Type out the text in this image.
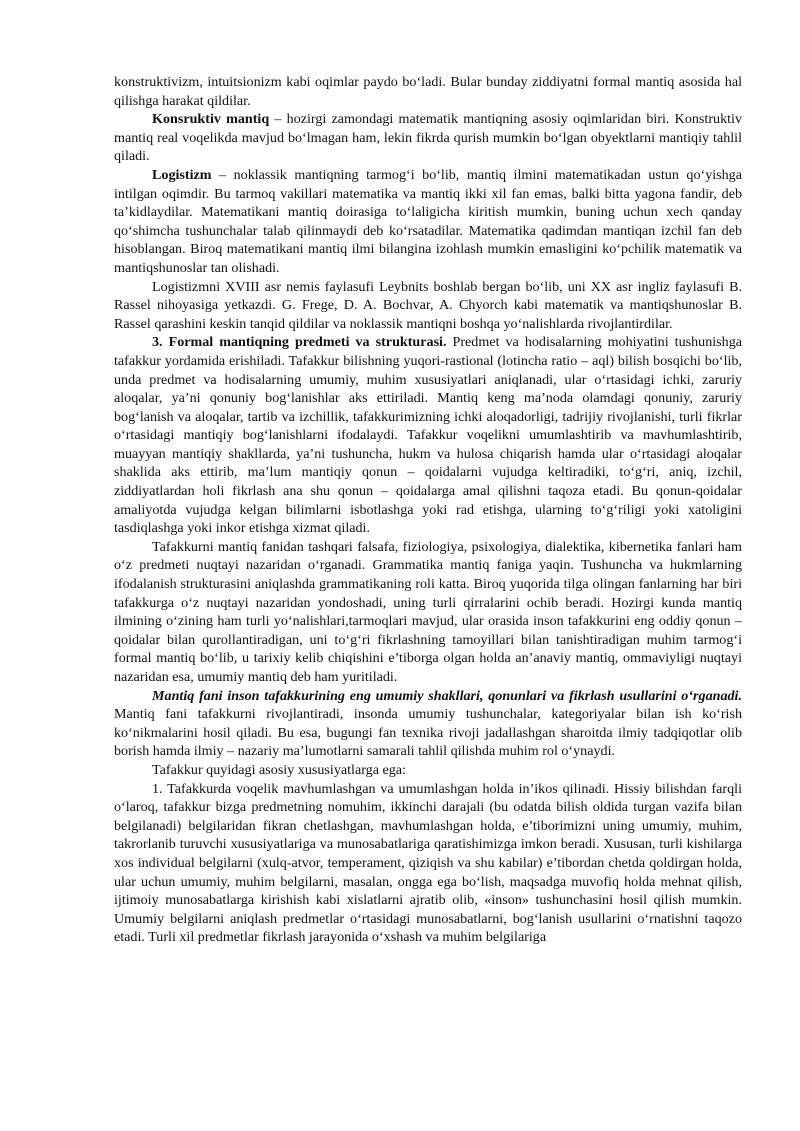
konstruktivizm, intuitsionizm kabi oqimlar paydo bo‘ladi. Bular bunday ziddiyatni formal mantiq asosida hal qilishga harakat qildilar.

Konsruktiv mantiq – hozirgi zamondagi matematik mantiqning asosiy oqimlaridan biri. Konstruktiv mantiq real voqelikda mavjud bo‘lmagan ham, lekin fikrda qurish mumkin bo‘lgan obyektlarni mantiqiy tahlil qiladi.

Logistizm – noklassik mantiqning tarmog‘i bo‘lib, mantiq ilmini matematikadan ustun qo‘yishga intilgan oqimdir. Bu tarmoq vakillari matematika va mantiq ikki xil fan emas, balki bitta yagona fandir, deb ta’kidlaydilar. Matematikani mantiq doirasiga to‘laligicha kiritish mumkin, buning uchun xech qanday qo‘shimcha tushunchalar talab qilinmaydi deb ko‘rsatadilar. Matematika qadimdan mantiqan izchil fan deb hisoblangan. Biroq matematikani mantiq ilmi bilangina izohlash mumkin emasligini ko‘pchilik matematik va mantiqshunoslar tan olishadi.

Logistizmni XVIII asr nemis faylasufi Leybnits boshlab bergan bo‘lib, uni XX asr ingliz faylasufi B. Rassel nihoyasiga yetkazdi. G. Frege, D. A. Bochvar, A. Chyorch kabi matematik va mantiqshunoslar B. Rassel qarashini keskin tanqid qildilar va noklassik mantiqni boshqa yo‘nalishlarda rivojlantirdilar.

3. Formal mantiqning predmeti va strukturasi. Predmet va hodisalarning mohiyatini tushunishga tafakkur yordamida erishiladi. Tafakkur bilishning yuqori-rastional (lotincha ratio – aql) bilish bosqichi bo‘lib, unda predmet va hodisalarning umumiy, muhim xususiyatlari aniqlanadi, ular o‘rtasidagi ichki, zaruriy aloqalar, ya’ni qonuniy bog‘lanishlar aks ettiriladi. Mantiq keng ma’noda olamdagi qonuniy, zaruriy bog‘lanish va aloqalar, tartib va izchillik, tafakkurimizning ichki aloqadorligi, tadrijiy rivojlanishi, turli fikrlar o‘rtasidagi mantiqiy bog‘lanishlarni ifodalaydi. Tafakkur voqelikni umumlashtirib va mavhumlashtirib, muayyan mantiqiy shakllarda, ya’ni tushuncha, hukm va hulosa chiqarish hamda ular o‘rtasidagi aloqalar shaklida aks ettirib, ma’lum mantiqiy qonun – qoidalarni vujudga keltiradiki, to‘g‘ri, aniq, izchil, ziddiyatlardan holi fikrlash ana shu qonun – qoidalarga amal qilishni taqoza etadi. Bu qonun-qoidalar amaliyotda vujudga kelgan bilimlarni isbotlashga yoki rad etishga, ularning to‘g‘riligi yoki xatoligini tasdiqlashga yoki inkor etishga xizmat qiladi.

Tafakkurni mantiq fanidan tashqari falsafa, fiziologiya, psixologiya, dialektika, kibernetika fanlari ham o‘z predmeti nuqtayi nazaridan o‘rganadi. Grammatika mantiq faniga yaqin. Tushuncha va hukmlarning ifodalanish strukturasini aniqlashda grammatikaning roli katta. Biroq yuqorida tilga olingan fanlarning har biri tafakkurga o‘z nuqtayi nazaridan yondoshadi, uning turli qirralarini ochib beradi. Hozirgi kunda mantiq ilmining o‘zining ham turli yo‘nalishlari,tarmoqlari mavjud, ular orasida inson tafakkurini eng oddiy qonun – qoidalar bilan qurollantiradigan, uni to‘g‘ri fikrlashning tamoyillari bilan tanishtiradigan muhim tarmog‘i formal mantiq bo‘lib, u tarixiy kelib chiqishini e’tiborga olgan holda an’anaviy mantiq, ommaviyligi nuqtayi nazaridan esa, umumiy mantiq deb ham yuritiladi.

Mantiq fani inson tafakkurining eng umumiy shakllari, qonunlari va fikrlash usullarini o‘rganadi. Mantiq fani tafakkurni rivojlantiradi, insonda umumiy tushunchalar, kategoriyalar bilan ish ko‘rish ko‘nikmalarini hosil qiladi. Bu esa, bugungi fan texnika rivoji jadallashgan sharoitda ilmiy tadqiqotlar olib borish hamda ilmiy – nazariy ma’lumotlarni samarali tahlil qilishda muhim rol o‘ynaydi.

Tafakkur quyidagi asosiy xususiyatlarga ega:

1. Tafakkurda voqelik mavhumlashgan va umumlashgan holda in’ikos qilinadi. Hissiy bilishdan farqli o‘laroq, tafakkur bizga predmetning nomuhim, ikkinchi darajali (bu odatda bilish oldida turgan vazifa bilan belgilanadi) belgilaridan fikran chetlashgan, mavhumlashgan holda, e’tiborimizni uning umumiy, muhim, takrorlanib turuvchi xususiyatlariga va munosabatlariga qaratishimizga imkon beradi. Xususan, turli kishilarga xos individual belgilarni (xulq-atvor, temperament, qiziqish va shu kabilar) e’tibordan chetda qoldirgan holda, ular uchun umumiy, muhim belgilarni, masalan, ongga ega bo‘lish, maqsadga muvofiq holda mehnat qilish, ijtimoiy munosabatlarga kirishish kabi xislatlarni ajratib olib, «inson» tushunchasini hosil qilish mumkin. Umumiy belgilarni aniqlash predmetlar o‘rtasidagi munosabatlarni, bog‘lanish usullarini o‘rnatishni taqozo etadi. Turli xil predmetlar fikrlash jarayonida o‘xshash va muhim belgilariga
